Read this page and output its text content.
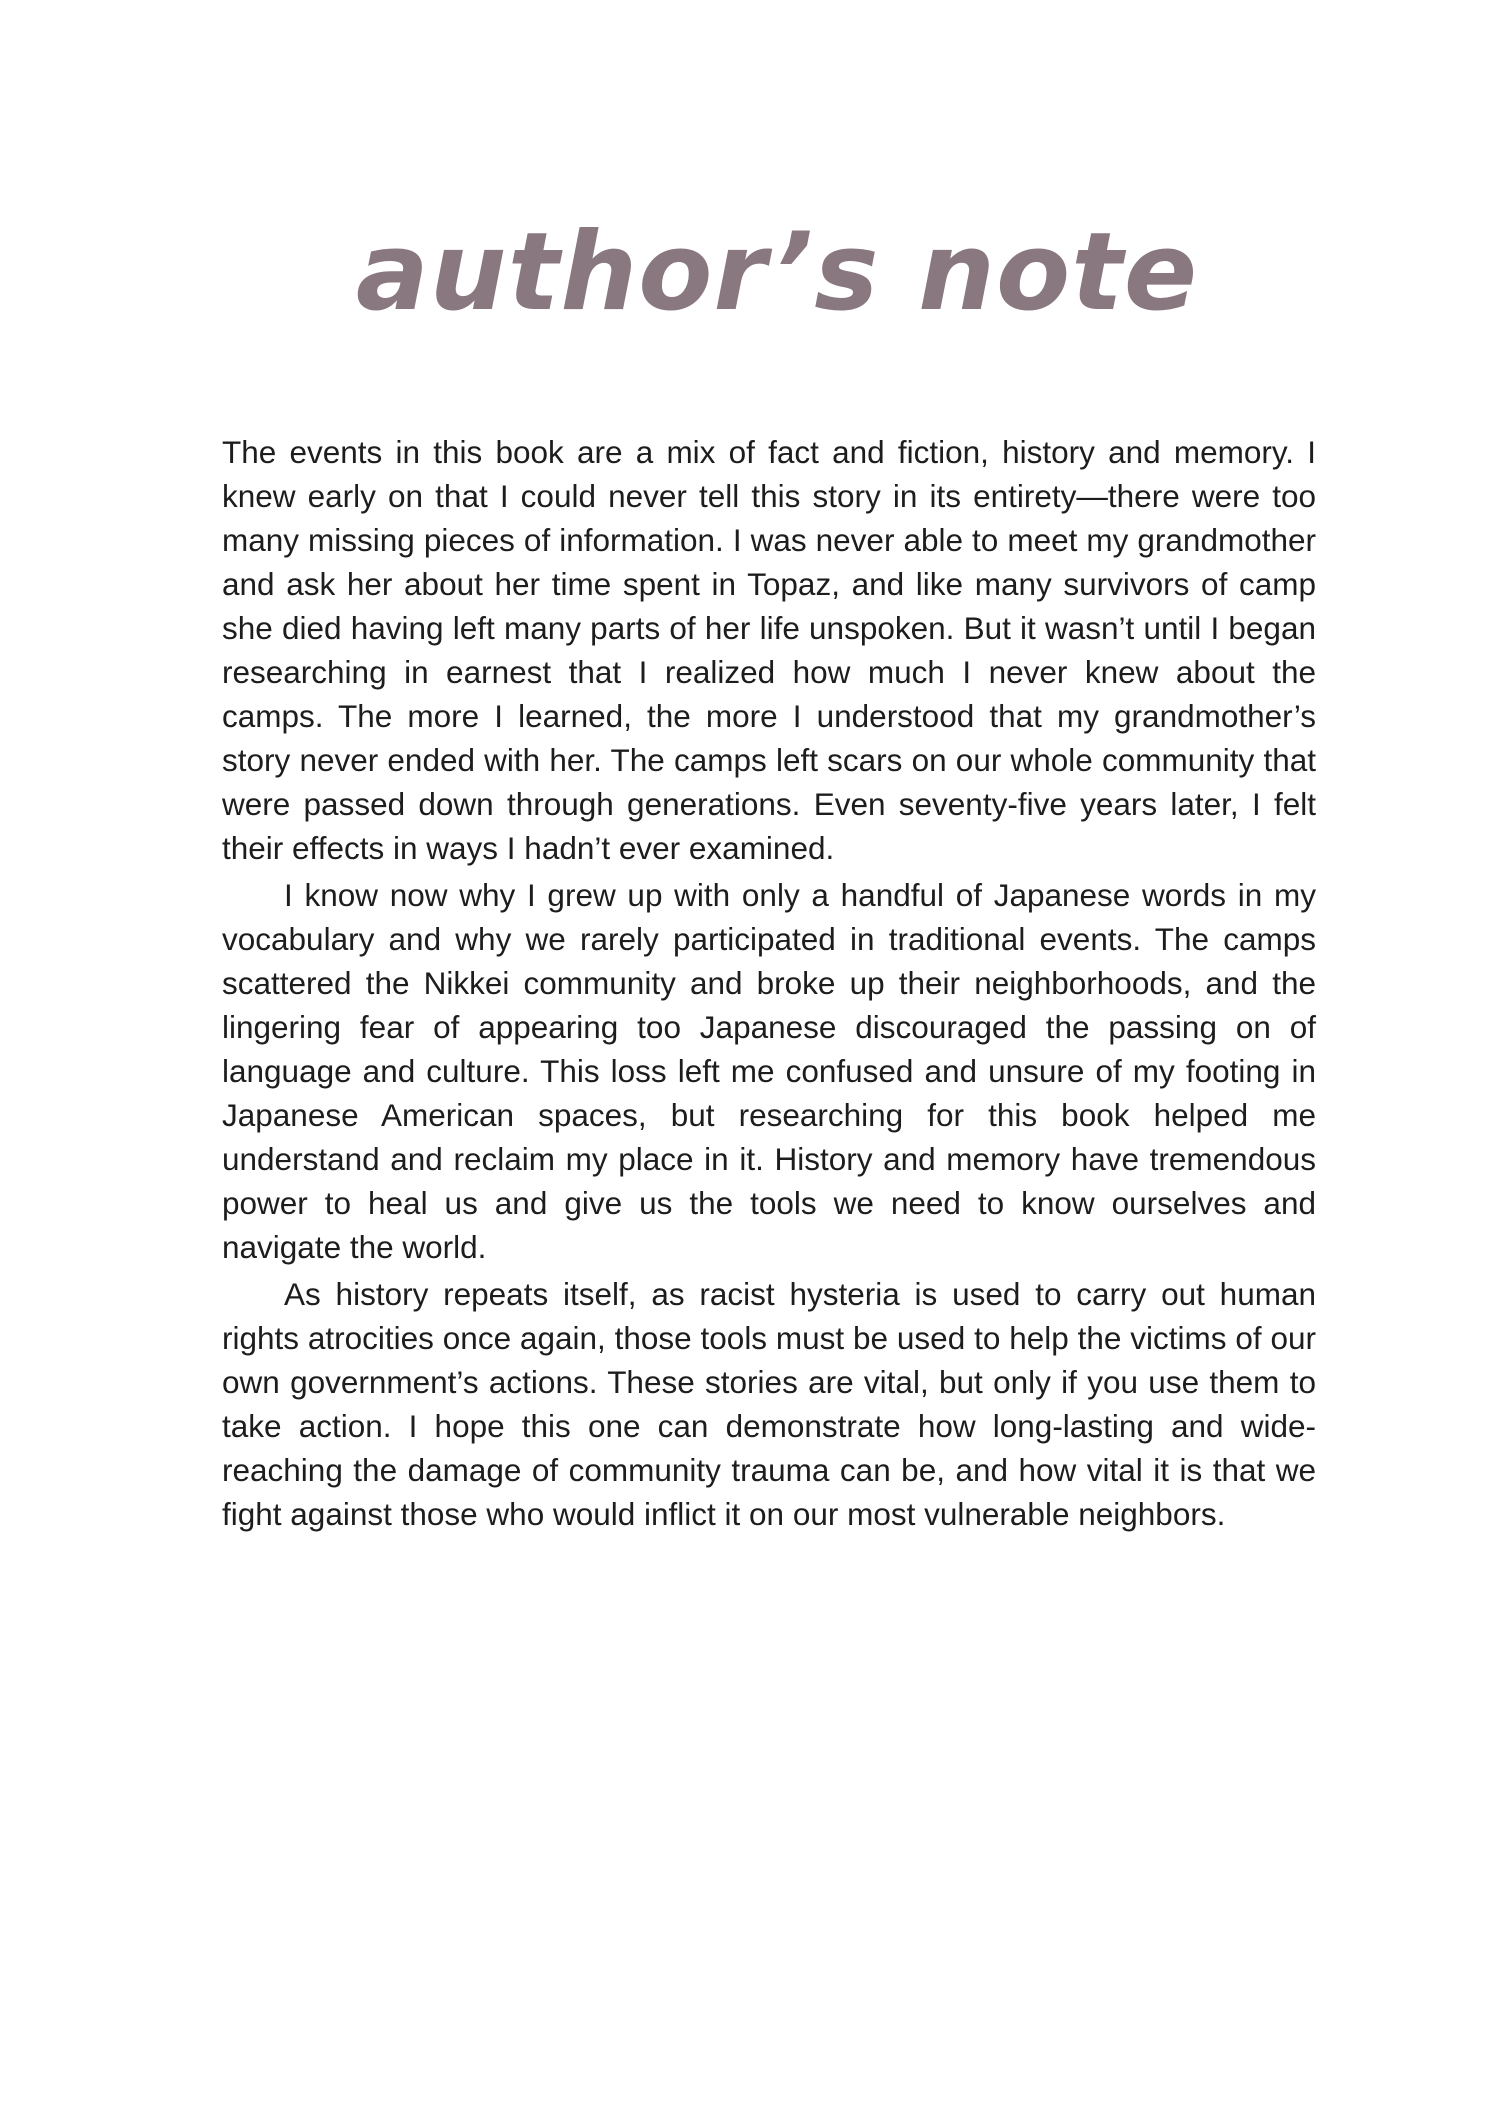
author’s note

The events in this book are a mix of fact and fiction, history and memory. I knew early on that I could never tell this story in its entirety—there were too many missing pieces of information. I was never able to meet my grandmother and ask her about her time spent in Topaz, and like many survivors of camp she died having left many parts of her life unspoken. But it wasn’t until I began researching in earnest that I realized how much I never knew about the camps. The more I learned, the more I understood that my grandmother’s story never ended with her. The camps left scars on our whole community that were passed down through generations. Even seventy-five years later, I felt their effects in ways I hadn’t ever examined.

I know now why I grew up with only a handful of Japanese words in my vocabulary and why we rarely participated in traditional events. The camps scattered the Nikkei community and broke up their neighborhoods, and the lingering fear of appearing too Japanese discouraged the passing on of language and culture. This loss left me confused and unsure of my footing in Japanese American spaces, but researching for this book helped me understand and reclaim my place in it. History and memory have tremendous power to heal us and give us the tools we need to know ourselves and navigate the world.

As history repeats itself, as racist hysteria is used to carry out human rights atrocities once again, those tools must be used to help the victims of our own government’s actions. These stories are vital, but only if you use them to take action. I hope this one can demonstrate how long-lasting and wide-reaching the damage of community trauma can be, and how vital it is that we fight against those who would inflict it on our most vulnerable neighbors.
